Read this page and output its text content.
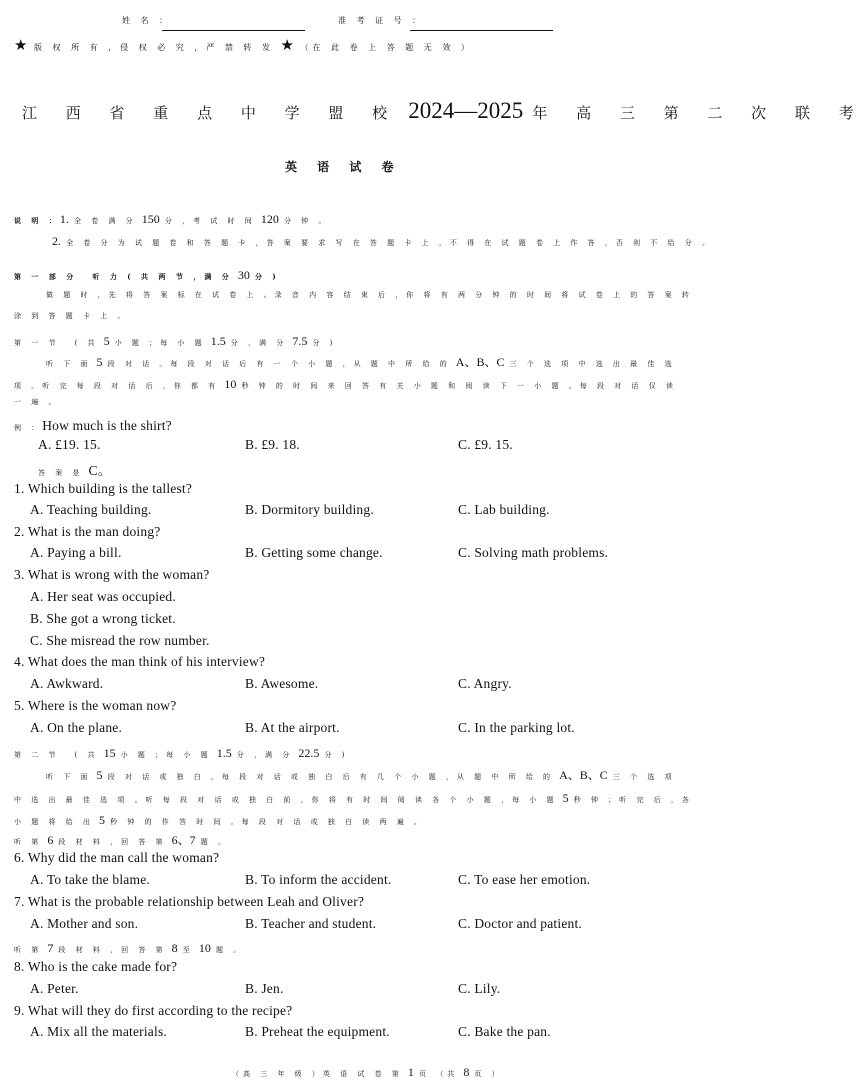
姓 名 ：	准 考 证 号 ：
★ 版 权 所 有 ，侵 权 必 究 ，严 禁 转 发 ★ （在 此 卷 上 答 题 无 效 ）
江 西 省 重 点 中 学 盟 校 2024—2025 年 高 三 第 二 次 联 考
英 语 试 卷
说 明 ：1. 全 卷 满 分 150 分 ，考 试 时 间 120 分 钟 。
2. 全 卷 分 为 试 题 卷 和 答 题 卡 ，答 案 要 求 写 在 答 题 卡 上 ，不 得 在 试 题 卷 上 作 答 ，否 则 不 给 分 。
第 一 部 分 听 力 ( 共 两 节 ，满 分 30 分 )
做 题 时 ，先 将 答 案 标 在 试 卷 上 。录 音 内 容 结 束 后 ，你 将 有 两 分 钟 的 时 间 将 试 卷 上 的 答 案 转
涂 到 答 题 卡 上 。
第 一 节 ( 共 5 小 题 ；每 小 题 1.5 分 ，满 分 7.5 分 )
听 下 面 5 段 对 话 。每 段 对 话 后 有 一 个 小 题 ，从 题 中 所 给 的 A、B、C 三 个 选 项 中 选 出 最 佳 选
项 。听 完 每 段 对 话 后 ，你 都 有 10 秒 钟 的 时 间 来 回 答 有 关 小 题 和 阅 读 下 一 小 题 。每 段 对 话 仅 读
一 遍 。
例 ：How much is the shirt?
A. £19. 15.	B. £9. 18.	C. £9. 15.
答 案 是 C。
1. Which building is the tallest?
A. Teaching building.	B. Dormitory building.	C. Lab building.
2. What is the man doing?
A. Paying a bill.	B. Getting some change.	C. Solving math problems.
3. What is wrong with the woman?
A. Her seat was occupied.
B. She got a wrong ticket.
C. She misread the row number.
4. What does the man think of his interview?
A. Awkward.	B. Awesome.	C. Angry.
5. Where is the woman now?
A. On the plane.	B. At the airport.	C. In the parking lot.
第 二 节 ( 共 15 小 题 ；每 小 题 1.5 分 ，满 分 22.5 分 )
听 下 面 5 段 对 话 或 独 白 。每 段 对 话 或 独 白 后 有 几 个 小 题 ，从 题 中 所 给 的 A、B、C 三 个 选 项
中 选 出 最 佳 选 项 。听 每 段 对 话 或 独 白 前 ，你 将 有 时 间 阅 读 各 个 小 题 ，每 小 题 5 秒 钟 ；听 完 后 ，各
小 题 将 给 出 5 秒 钟 的 作 答 时 间 。每 段 对 话 或 独 白 读 两 遍 。
听 第 6 段 材 料 ，回 答 第 6、7 题 。
6. Why did the man call the woman?
A. To take the blame.	B. To inform the accident.	C. To ease her emotion.
7. What is the probable relationship between Leah and Oliver?
A. Mother and son.	B. Teacher and student.	C. Doctor and patient.
听 第 7 段 材 料 ，回 答 第 8 至 10 题 。
8. Who is the cake made for?
A. Peter.	B. Jen.	C. Lily.
9. What will they do first according to the recipe?
A. Mix all the materials.	B. Preheat the equipment.	C. Bake the pan.
（高 三 年 级 ）英 语 试 卷 第 1 页 （共 8 页 ）
